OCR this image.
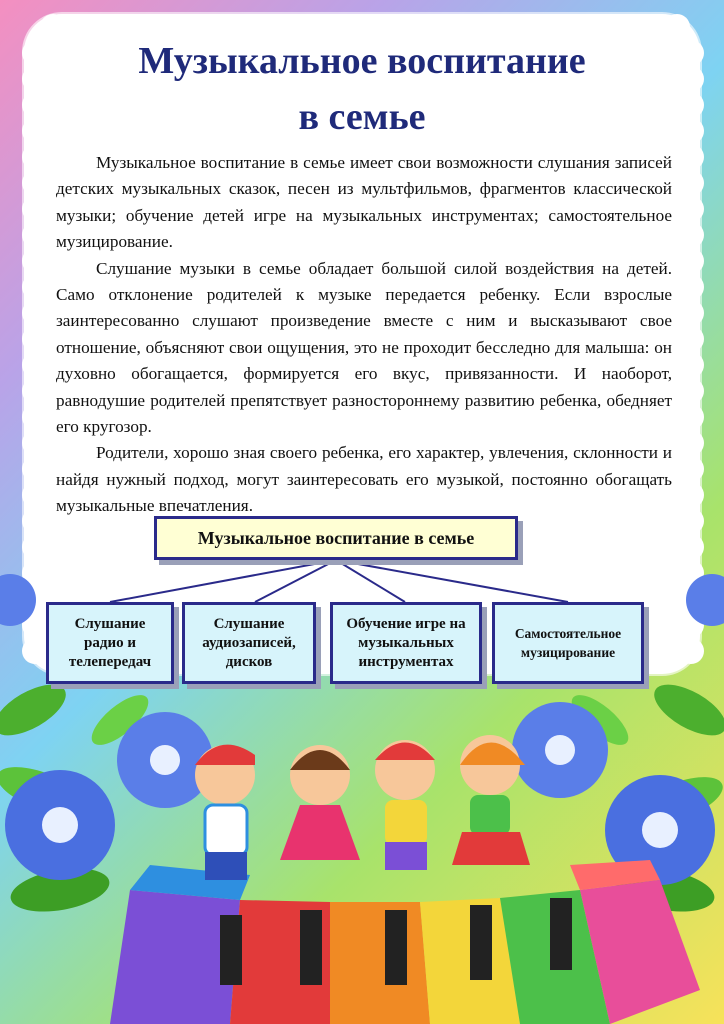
Музыкальное воспитание
в семье

Музыкальное воспитание в семье имеет свои возможности слушания записей детских музыкальных сказок, песен из мультфильмов, фрагментов классической музыки; обучение детей игре на музыкальных инструментах; самостоятельное музицирование.

Слушание музыки в семье обладает большой силой воздействия на детей. Само отклонение родителей к музыке передается ребенку. Если взрослые заинтересованно слушают произведение вместе с ним и высказывают свое отношение, объясняют свои ощущения, это не проходит бесследно для малыша: он духовно обогащается, формируется его вкус, привязанности. И наоборот, равнодушие родителей препятствует разностороннему развитию ребенка, обедняет его кругозор.

Родители, хорошо зная своего ребенка, его характер, увлечения, склонности и найдя нужный подход, могут заинтересовать его музыкой, постоянно обогащать музыкальные впечатления.

Музыкальное воспитание в семье
Слушание радио и телепередач
Слушание аудиозаписей, дисков
Обучение игре на музыкальных инструментах
Самостоятельное музицирование
